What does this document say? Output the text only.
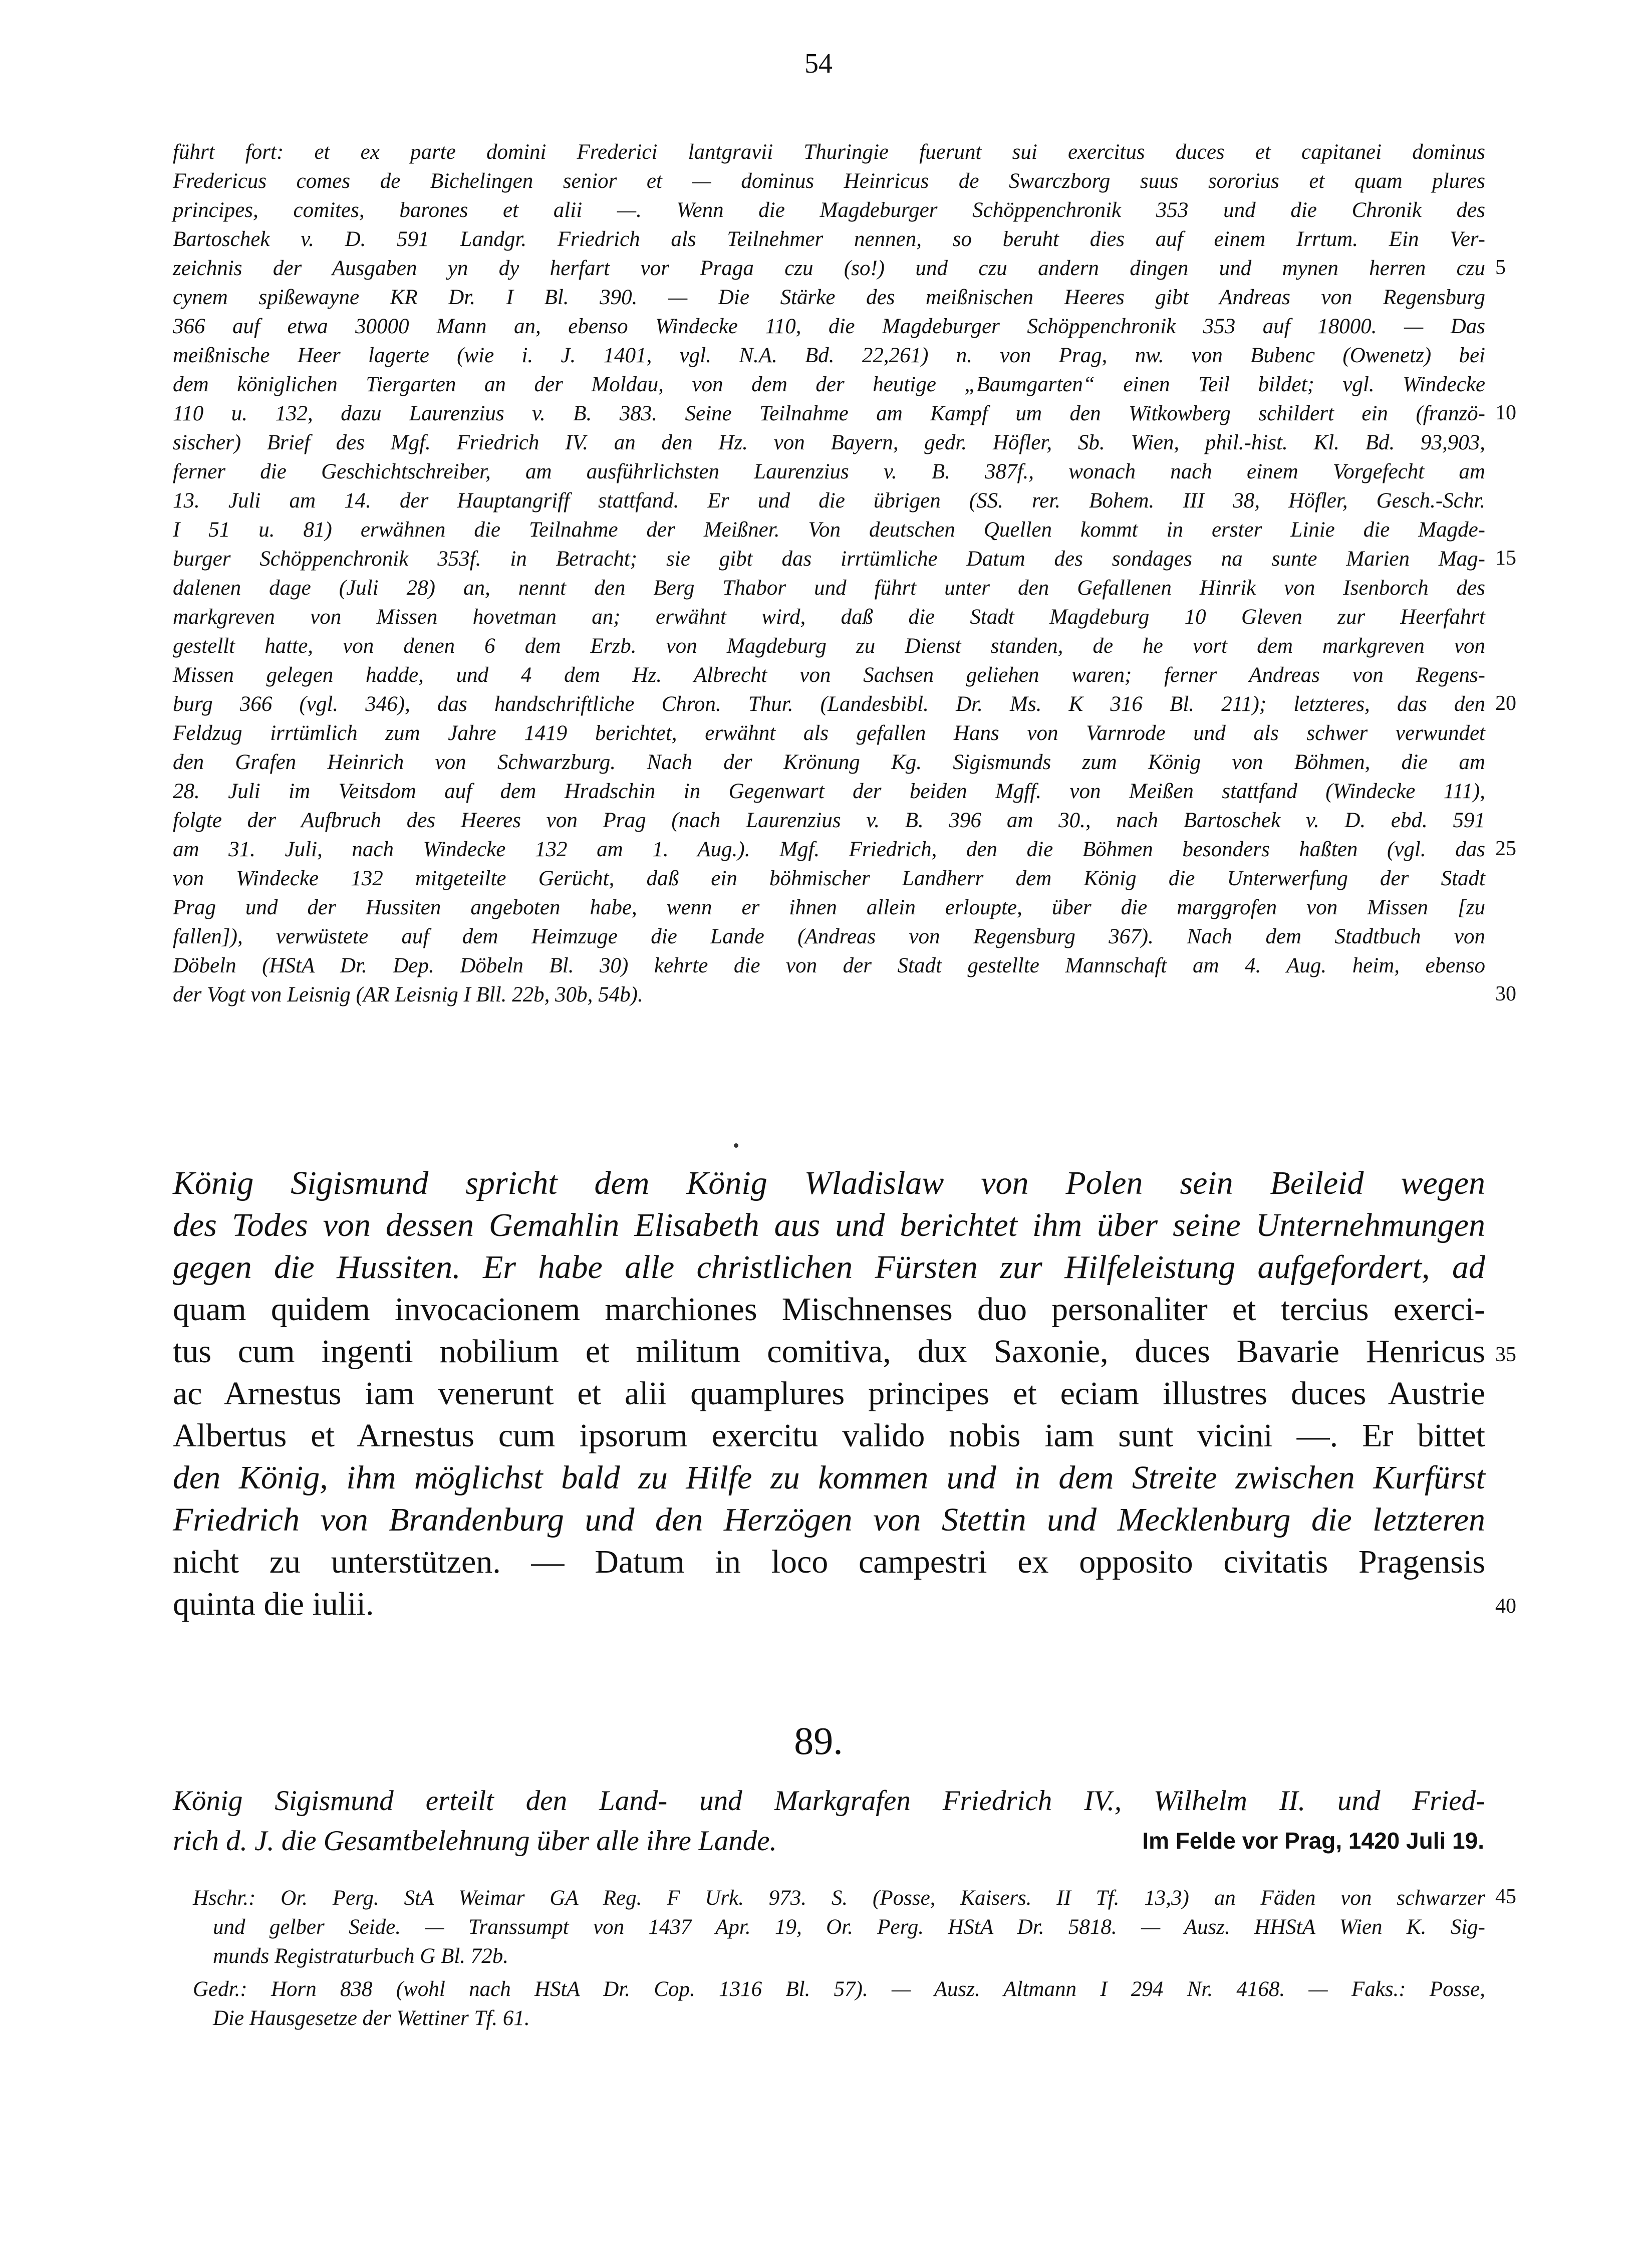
54
führt fort: et ex parte domini Frederici lantgravii Thuringie fuerunt sui exercitus duces et capitanei dominus
Fredericus comes de Bichelingen senior et — dominus Heinricus de Swarczborg suus sororius et quam plures
principes, comites, barones et alii —. Wenn die Magdeburger Schöppenchronik 353 und die Chronik des
Bartoschek v. D. 591 Landgr. Friedrich als Teilnehmer nennen, so beruht dies auf einem Irrtum. Ein Ver-
zeichnis der Ausgaben yn dy herfart vor Praga czu (so!) und czu andern dingen und mynen herren czu
cynem spißewayne KR Dr. I Bl. 390. — Die Stärke des meißnischen Heeres gibt Andreas von Regensburg
366 auf etwa 30000 Mann an, ebenso Windecke 110, die Magdeburger Schöppenchronik 353 auf 18000. — Das
meißnische Heer lagerte (wie i. J. 1401, vgl. N.A. Bd. 22,261) n. von Prag, nw. von Bubenc (Owenetz) bei
dem königlichen Tiergarten an der Moldau, von dem der heutige „Baumgarten“ einen Teil bildet; vgl. Windecke
110 u. 132, dazu Laurenzius v. B. 383. Seine Teilnahme am Kampf um den Witkowberg schildert ein (franzö-
sischer) Brief des Mgf. Friedrich IV. an den Hz. von Bayern, gedr. Höfler, Sb. Wien, phil.-hist. Kl. Bd. 93,903,
ferner die Geschichtschreiber, am ausführlichsten Laurenzius v. B. 387f., wonach nach einem Vorgefecht am
13. Juli am 14. der Hauptangriff stattfand. Er und die übrigen (SS. rer. Bohem. III 38, Höfler, Gesch.-Schr.
I 51 u. 81) erwähnen die Teilnahme der Meißner. Von deutschen Quellen kommt in erster Linie die Magde-
burger Schöppenchronik 353f. in Betracht; sie gibt das irrtümliche Datum des sondages na sunte Marien Mag-
dalenen dage (Juli 28) an, nennt den Berg Thabor und führt unter den Gefallenen Hinrik von Isenborch des
markgreven von Missen hovetman an; erwähnt wird, daß die Stadt Magdeburg 10 Gleven zur Heerfahrt
gestellt hatte, von denen 6 dem Erzb. von Magdeburg zu Dienst standen, de he vort dem markgreven von
Missen gelegen hadde, und 4 dem Hz. Albrecht von Sachsen geliehen waren; ferner Andreas von Regens-
burg 366 (vgl. 346), das handschriftliche Chron. Thur. (Landesbibl. Dr. Ms. K 316 Bl. 211); letzteres, das den
Feldzug irrtümlich zum Jahre 1419 berichtet, erwähnt als gefallen Hans von Varnrode und als schwer verwundet
den Grafen Heinrich von Schwarzburg. Nach der Krönung Kg. Sigismunds zum König von Böhmen, die am
28. Juli im Veitsdom auf dem Hradschin in Gegenwart der beiden Mgff. von Meißen stattfand (Windecke 111),
folgte der Aufbruch des Heeres von Prag (nach Laurenzius v. B. 396 am 30., nach Bartoschek v. D. ebd. 591
am 31. Juli, nach Windecke 132 am 1. Aug.). Mgf. Friedrich, den die Böhmen besonders haßten (vgl. das
von Windecke 132 mitgeteilte Gerücht, daß ein böhmischer Landherr dem König die Unterwerfung der Stadt
Prag und der Hussiten angeboten habe, wenn er ihnen allein erloupte, über die marggrofen von Missen [zu
fallen]), verwüstete auf dem Heimzuge die Lande (Andreas von Regensburg 367). Nach dem Stadtbuch von
Döbeln (HStA Dr. Dep. Döbeln Bl. 30) kehrte die von der Stadt gestellte Mannschaft am 4. Aug. heim, ebenso
der Vogt von Leisnig (AR Leisnig I Bll. 22b, 30b, 54b).
König Sigismund spricht dem König Wladislaw von Polen sein Beileid wegen
des Todes von dessen Gemahlin Elisabeth aus und berichtet ihm über seine Unternehmungen
gegen die Hussiten. Er habe alle christlichen Fürsten zur Hilfeleistung aufgefordert, ad
quam quidem invocacionem marchiones Mischnenses duo personaliter et tercius exerci-
tus cum ingenti nobilium et militum comitiva, dux Saxonie, duces Bavarie Henricus
ac Arnestus iam venerunt et alii quamplures principes et eciam illustres duces Austrie
Albertus et Arnestus cum ipsorum exercitu valido nobis iam sunt vicini —. Er bittet
den König, ihm möglichst bald zu Hilfe zu kommen und in dem Streite zwischen Kurfürst
Friedrich von Brandenburg und den Herzögen von Stettin und Mecklenburg die letzteren
nicht zu unterstützen. — Datum in loco campestri ex opposito civitatis Pragensis
quinta die iulii.
89.
König Sigismund erteilt den Land- und Markgrafen Friedrich IV., Wilhelm II. und Fried-
rich d. J. die Gesamtbelehnung über alle ihre Lande.	Im Felde vor Prag, 1420 Juli 19.
Hschr.: Or. Perg. StA Weimar GA Reg. F Urk. 973. S. (Posse, Kaisers. II Tf. 13,3) an Fäden von schwarzer
und gelber Seide. — Transsumpt von 1437 Apr. 19, Or. Perg. HStA Dr. 5818. — Ausz. HHStA Wien K. Sig-
munds Registraturbuch G Bl. 72b.
Gedr.: Horn 838 (wohl nach HStA Dr. Cop. 1316 Bl. 57). — Ausz. Altmann I 294 Nr. 4168. — Faks.: Posse,
Die Hausgesetze der Wettiner Tf. 61.
5
10
15
20
25
30
35
40
45
